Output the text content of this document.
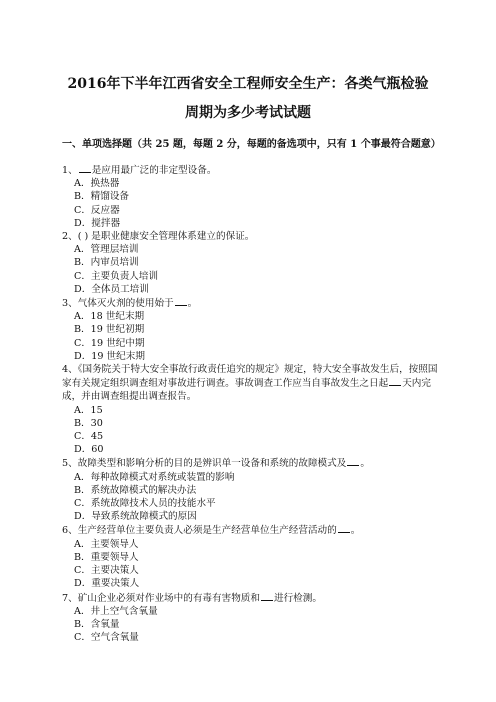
2016年下半年江西省安全工程师安全生产：各类气瓶检验
周期为多少考试试题
一、单项选择题（共 25 题，每题 2 分，每题的备选项中，只有 1 个事最符合题意）
1、 是应用最广泛的非定型设备。
A．换热器
B．精馏设备
C．反应器
D．搅拌器
2、( ) 是职业健康安全管理体系建立的保证。
A．管理层培训
B．内审员培训
C．主要负责人培训
D．全体员工培训
3、气体灭火剂的使用始于 。
A．18 世纪末期
B．19 世纪初期
C．19 世纪中期
D．19 世纪末期
4、《国务院关于特大安全事故行政责任追究的规定》规定，特大安全事故发生后，按照国家有关规定组织调查组对事故进行调查。事故调查工作应当自事故发生之日起 天内完成，并由调查组提出调查报告。
A．15
B．30
C．45
D．60
5、故障类型和影响分析的目的是辨识单一设备和系统的故障模式及 。
A．每种故障模式对系统或装置的影响
B．系统故障模式的解决办法
C．系统故障技术人员的技能水平
D．导致系统故障模式的原因
6、生产经营单位主要负责人必须是生产经营单位生产经营活动的 。
A．主要领导人
B．重要领导人
C．主要决策人
D．重要决策人
7、矿山企业必须对作业场中的有毒有害物质和 进行检测。
A．井上空气含氧量
B．含氧量
C．空气含氧量
